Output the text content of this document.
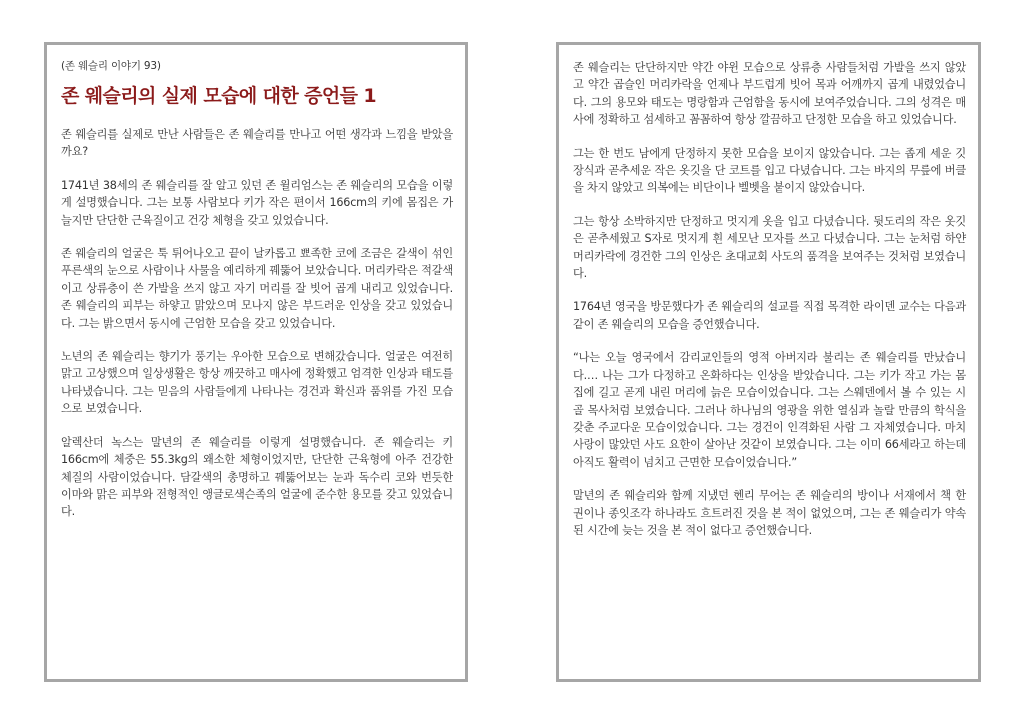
(존 웨슬리 이야기 93)
존 웨슬리의 실제 모습에 대한 증언들 1

존 웨슬리를 실제로 만난 사람들은 존 웨슬리를 만나고 어떤 생각과 느낌을 받았을까요?

1741년 38세의 존 웨슬리를 잘 알고 있던 존 윌리엄스는 존 웨슬리의 모습을 이렇게 설명했습니다. 그는 보통 사람보다 키가 작은 편이서 166cm의 키에 몸집은 가늘지만 단단한 근육질이고 건강 체형을 갖고 있었습니다.

존 웨슬리의 얼굴은 툭 튀어나오고 끝이 날카롭고 뾰족한 코에 조금은 갈색이 섞인 푸른색의 눈으로 사람이나 사물을 예리하게 꿰뚫어 보았습니다. 머리카락은 적갈색이고 상류층이 쓴 가발을 쓰지 않고 자기 머리를 잘 빗어 곱게 내리고 있었습니다. 존 웨슬리의 피부는 하얗고 맑았으며 모나지 않은 부드러운 인상을 갖고 있었습니다. 그는 밝으면서 동시에 근엄한 모습을 갖고 있었습니다.

노년의 존 웨슬리는 향기가 풍기는 우아한 모습으로 변해갔습니다. 얼굴은 여전히 맑고 고상했으며 일상생활은 항상 깨끗하고 매사에 정확했고 엄격한 인상과 태도를 나타냈습니다. 그는 믿음의 사람들에게 나타나는 경건과 확신과 품위를 가진 모습으로 보였습니다.

알렉산더 녹스는 말년의 존 웨슬리를 이렇게 설명했습니다. 존 웨슬리는 키 166cm에 체중은 55.3kg의 왜소한 체형이었지만, 단단한 근육형에 아주 건강한 체질의 사람이었습니다. 담갈색의 총명하고 꿰뚫어보는 눈과 독수리 코와 번듯한 이마와 맑은 피부와 전형적인 앵글로색슨족의 얼굴에 준수한 용모를 갖고 있었습니다.

존 웨슬리는 단단하지만 약간 야윈 모습으로 상류층 사람들처럼 가발을 쓰지 않았고 약간 곱슬인 머리카락을 언제나 부드럽게 빗어 목과 어깨까지 곱게 내렸었습니다. 그의 용모와 태도는 명랑함과 근엄함을 동시에 보여주었습니다. 그의 성격은 매사에 정확하고 섬세하고 꼼꼼하여 항상 깔끔하고 단정한 모습을 하고 있었습니다.

그는 한 번도 남에게 단정하지 못한 모습을 보이지 않았습니다. 그는 좁게 세운 깃 장식과 곧추세운 작은 옷깃을 단 코트를 입고 다녔습니다. 그는 바지의 무릎에 버클을 차지 않았고 의복에는 비단이나 벨벳을 붙이지 않았습니다.

그는 항상 소박하지만 단정하고 멋지게 옷을 입고 다녔습니다. 뒷도리의 작은 옷깃은 곧추세웠고 S자로 멋지게 흰 세모난 모자를 쓰고 다녔습니다. 그는 눈처럼 하얀 머리카락에 경건한 그의 인상은 초대교회 사도의 품격을 보여주는 것처럼 보였습니다.

1764년 영국을 방문했다가 존 웨슬리의 설교를 직접 목격한 라이덴 교수는 다음과 같이 존 웨슬리의 모습을 증언했습니다.

“나는 오늘 영국에서 감리교인들의 영적 아버지라 불리는 존 웨슬리를 만났습니다.… 나는 그가 다정하고 온화하다는 인상을 받았습니다. 그는 키가 작고 가는 몸집에 길고 곧게 내린 머리에 늙은 모습이었습니다. 그는 스웨덴에서 볼 수 있는 시골 목사처럼 보였습니다. 그러나 하나님의 영광을 위한 열심과 놀랄 만큼의 학식을 갖춘 주교다운 모습이었습니다. 그는 경건이 인격화된 사람 그 자체였습니다. 마치 사랑이 많았던 사도 요한이 살아난 것같이 보였습니다. 그는 이미 66세라고 하는데 아직도 활력이 넘치고 근면한 모습이었습니다.”

말년의 존 웨슬리와 함께 지냈던 헨리 무어는 존 웨슬리의 방이나 서재에서 책 한 권이나 종잇조각 하나라도 흐트러진 것을 본 적이 없었으며, 그는 존 웨슬리가 약속된 시간에 늦는 것을 본 적이 없다고 증언했습니다.
